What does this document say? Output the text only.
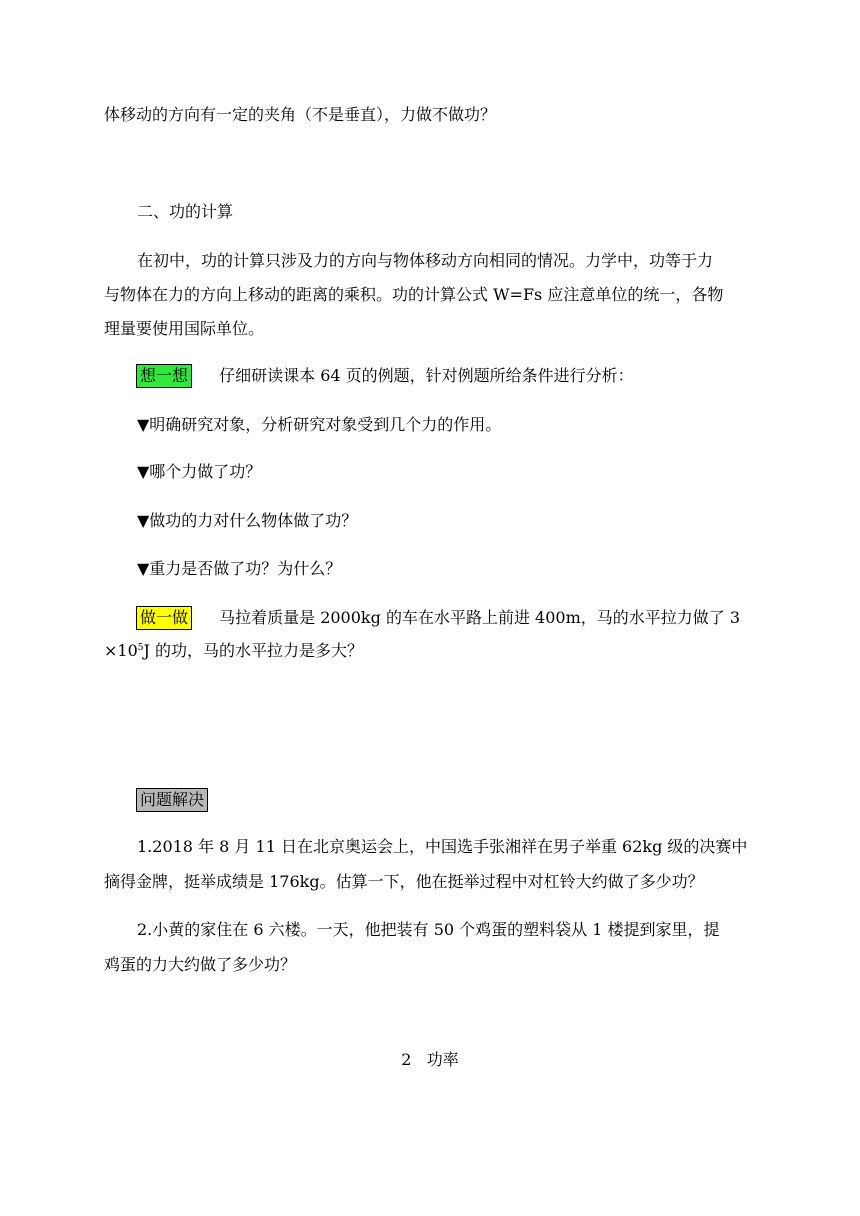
体移动的方向有一定的夹角（不是垂直），力做不做功？
二、功的计算
在初中，功的计算只涉及力的方向与物体移动方向相同的情况。力学中，功等于力
与物体在力的方向上移动的距离的乘积。功的计算公式 W=Fs 应注意单位的统一，各物
理量要使用国际单位。
想一想 仔细研读课本 64 页的例题，针对例题所给条件进行分析：
▼明确研究对象，分析研究对象受到几个力的作用。
▼哪个力做了功？
▼做功的力对什么物体做了功？
▼重力是否做了功？为什么？
做一做 马拉着质量是 2000kg 的车在水平路上前进 400m，马的水平拉力做了 3
$\times 10^5J$ 的功，马的水平拉力是多大？
问题解决
1.2018 年 8 月 11 日在北京奥运会上，中国选手张湘祥在男子举重 62kg 级的决赛中
摘得金牌，挺举成绩是 176kg。估算一下，他在挺举过程中对杠铃大约做了多少功？
2.小黄的家住在 6 六楼。一天，他把装有 50 个鸡蛋的塑料袋从 1 楼提到家里，提
鸡蛋的力大约做了多少功？
2   功率
